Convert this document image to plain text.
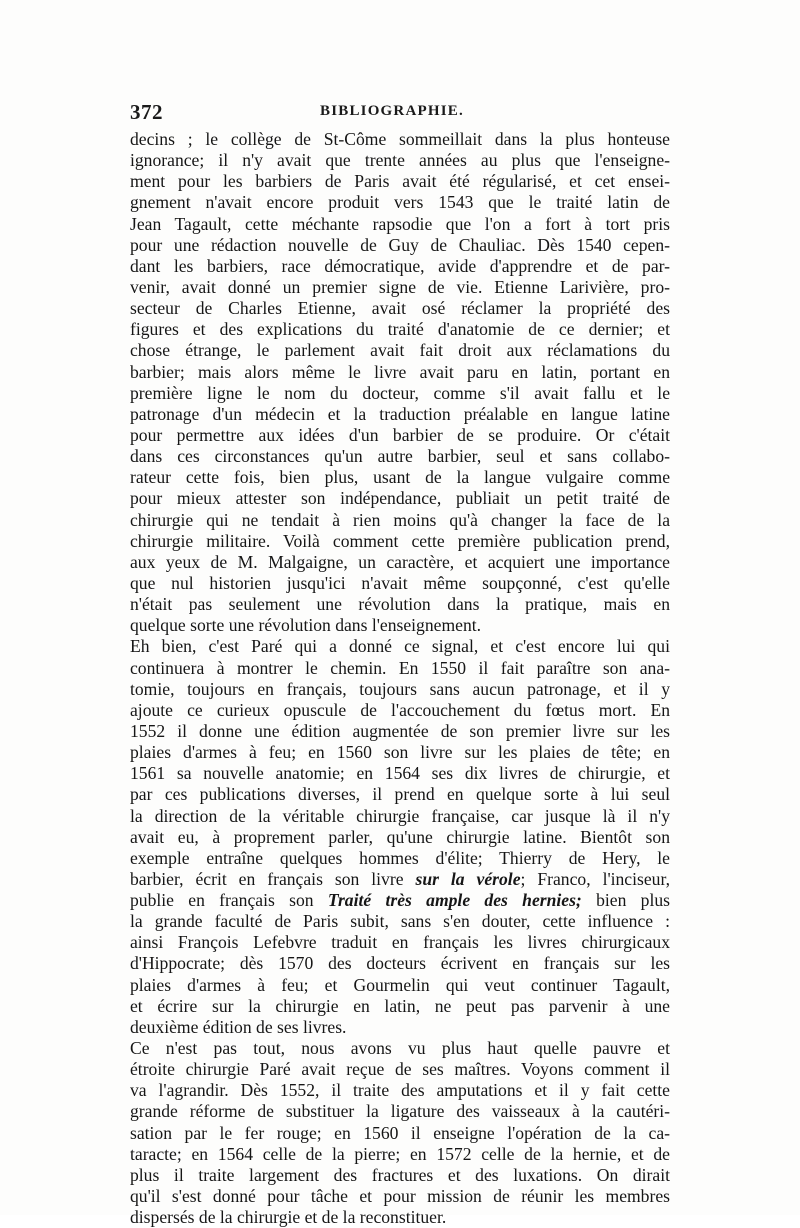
372	BIBLIOGRAPHIE.
decins ; le collège de St-Côme sommeillait dans la plus honteuse
ignorance; il n'y avait que trente années au plus que l'enseigne-
ment pour les barbiers de Paris avait été régularisé, et cet ensei-
gnement n'avait encore produit vers 1543 que le traité latin de
Jean Tagault, cette méchante rapsodie que l'on a fort à tort pris
pour une rédaction nouvelle de Guy de Chauliac. Dès 1540 cepen-
dant les barbiers, race démocratique, avide d'apprendre et de par-
venir, avait donné un premier signe de vie. Etienne Larivière, pro-
secteur de Charles Etienne, avait osé réclamer la propriété des
figures et des explications du traité d'anatomie de ce dernier; et
chose étrange, le parlement avait fait droit aux réclamations du
barbier; mais alors même le livre avait paru en latin, portant en
première ligne le nom du docteur, comme s'il avait fallu et le
patronage d'un médecin et la traduction préalable en langue latine
pour permettre aux idées d'un barbier de se produire. Or c'était
dans ces circonstances qu'un autre barbier, seul et sans collabo-
rateur cette fois, bien plus, usant de la langue vulgaire comme
pour mieux attester son indépendance, publiait un petit traité de
chirurgie qui ne tendait à rien moins qu'à changer la face de la
chirurgie militaire. Voilà comment cette première publication prend,
aux yeux de M. Malgaigne, un caractère, et acquiert une importance
que nul historien jusqu'ici n'avait même soupçonné, c'est qu'elle
n'était pas seulement une révolution dans la pratique, mais en
quelque sorte une révolution dans l'enseignement.
Eh bien, c'est Paré qui a donné ce signal, et c'est encore lui qui
continuera à montrer le chemin. En 1550 il fait paraître son ana-
tomie, toujours en français, toujours sans aucun patronage, et il y
ajoute ce curieux opuscule de l'accouchement du fœtus mort. En
1552 il donne une édition augmentée de son premier livre sur les
plaies d'armes à feu; en 1560 son livre sur les plaies de tête; en
1561 sa nouvelle anatomie; en 1564 ses dix livres de chirurgie, et
par ces publications diverses, il prend en quelque sorte à lui seul
la direction de la véritable chirurgie française, car jusque là il n'y
avait eu, à proprement parler, qu'une chirurgie latine. Bientôt son
exemple entraîne quelques hommes d'élite; Thierry de Hery, le
barbier, écrit en français son livre sur la vérole; Franco, l'inciseur,
publie en français son Traité très ample des hernies; bien plus
la grande faculté de Paris subit, sans s'en douter, cette influence :
ainsi François Lefebvre traduit en français les livres chirurgicaux
d'Hippocrate; dès 1570 des docteurs écrivent en français sur les
plaies d'armes à feu; et Gourmelin qui veut continuer Tagault,
et écrire sur la chirurgie en latin, ne peut pas parvenir à une
deuxième édition de ses livres.
Ce n'est pas tout, nous avons vu plus haut quelle pauvre et
étroite chirurgie Paré avait reçue de ses maîtres. Voyons comment il
va l'agrandir. Dès 1552, il traite des amputations et il y fait cette
grande réforme de substituer la ligature des vaisseaux à la cautéri-
sation par le fer rouge; en 1560 il enseigne l'opération de la ca-
taracte; en 1564 celle de la pierre; en 1572 celle de la hernie, et de
plus il traite largement des fractures et des luxations. On dirait
qu'il s'est donné pour tâche et pour mission de réunir les membres
dispersés de la chirurgie et de la reconstituer.
